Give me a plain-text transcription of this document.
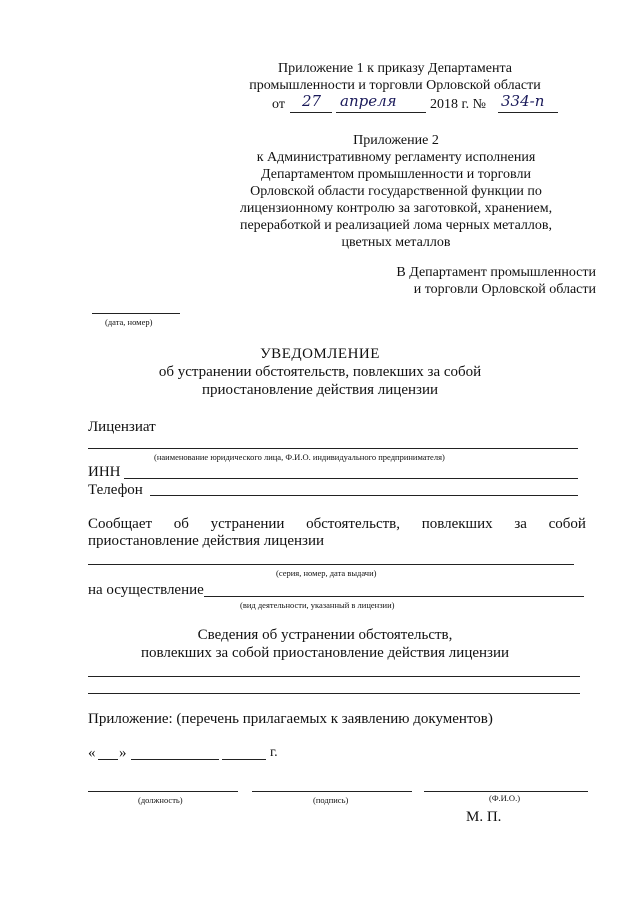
Приложение 1 к приказу Департамента
промышленности и торговли Орловской области
от 27 апреля 2018 г. № 334-п
Приложение 2
к Административному регламенту исполнения
Департаментом промышленности и торговли
Орловской области государственной функции по
лицензионному контролю за заготовкой, хранением,
переработкой и реализацией лома черных металлов,
цветных металлов
В Департамент промышленности
и торговли Орловской области
(дата, номер)
УВЕДОМЛЕНИЕ
об устранении обстоятельств, повлекших за собой
приостановление действия лицензии
Лицензиат
(наименование юридического лица, Ф.И.О. индивидуального предпринимателя)
ИНН
Телефон
Сообщает об устранении обстоятельств, повлекших за собой
приостановление действия лицензии
(серия, номер, дата выдачи)
на осуществление
(вид деятельности, указанный в лицензии)
Сведения об устранении обстоятельств,
повлекших за собой приостановление действия лицензии
Приложение: (перечень прилагаемых к заявлению документов)
« »	г.
(должность)	(подпись)	(Ф.И.О.)
М. П.
